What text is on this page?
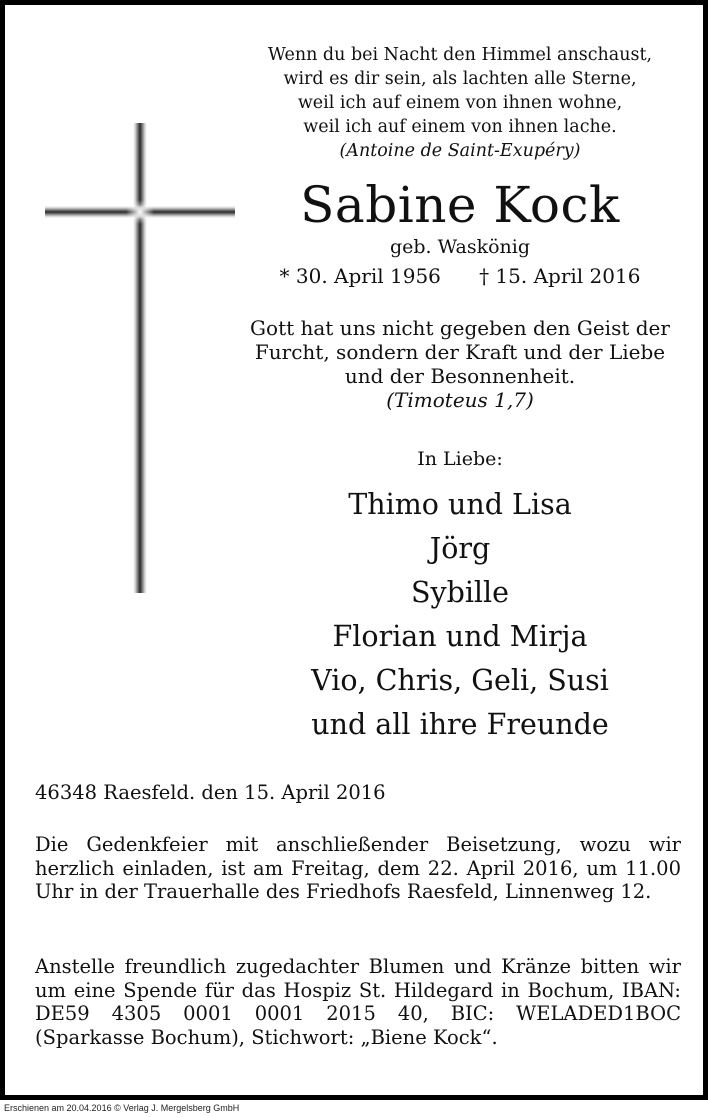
Wenn du bei Nacht den Himmel anschaust,
wird es dir sein, als lachten alle Sterne,
weil ich auf einem von ihnen wohne,
weil ich auf einem von ihnen lache.
(Antoine de Saint-Exupéry)
Sabine Kock
geb. Waskönig
* 30. April 1956 † 15. April 2016
Gott hat uns nicht gegeben den Geist der
Furcht, sondern der Kraft und der Liebe
und der Besonnenheit.
(Timoteus 1,7)
In Liebe:
Thimo und Lisa
Jörg
Sybille
Florian und Mirja
Vio, Chris, Geli, Susi
und all ihre Freunde
46348 Raesfeld. den 15. April 2016
Die Gedenkfeier mit anschließender Beisetzung, wozu wir herzlich einladen, ist am Freitag, dem 22. April 2016, um 11.00 Uhr in der Trauerhalle des Friedhofs Raesfeld, Linnenweg 12.
Anstelle freundlich zugedachter Blumen und Kränze bitten wir um eine Spende für das Hospiz St. Hildegard in Bochum, IBAN: DE59 4305 0001 0001 2015 40, BIC: WELADED1BOC (Sparkasse Bochum), Stichwort: „Biene Kock“.
Erschienen am 20.04.2016 © Verlag J. Mergelsberg GmbH
